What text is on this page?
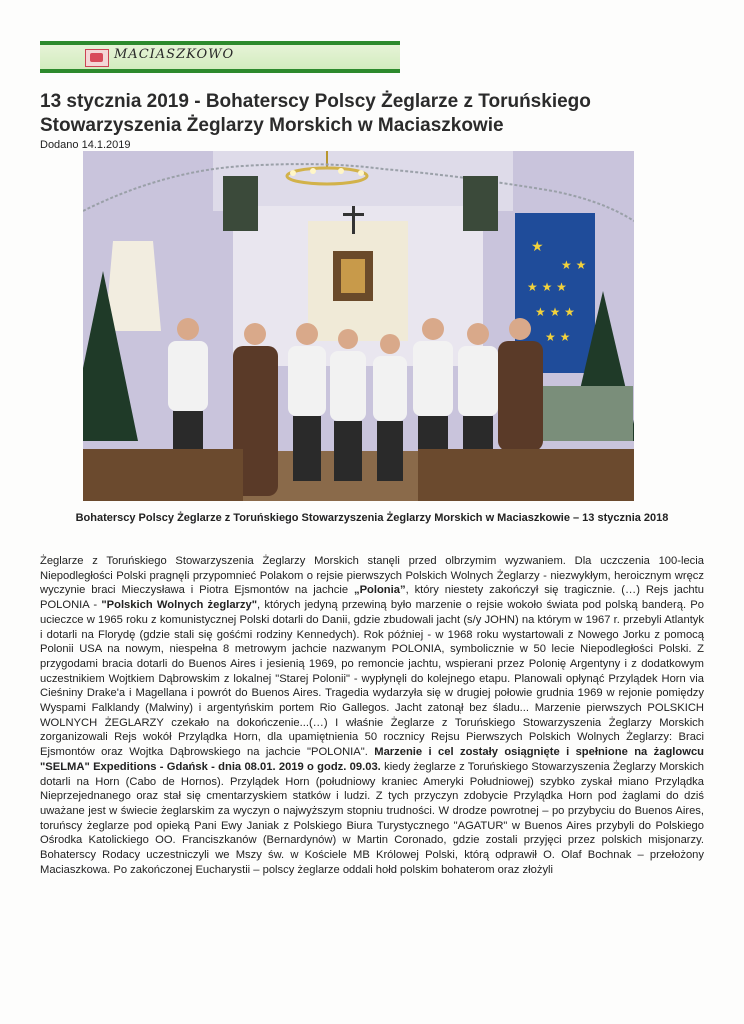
MACIASZKOWO
13 stycznia 2019 - Bohaterscy Polscy Żeglarze z Toruńskiego Stowarzyszenia Żeglarzy Morskich w Maciaszkowie
Dodano 14.1.2019
★
★ ★
★ ★ ★
★ ★ ★
★ ★
Bohaterscy Polscy Żeglarze z Toruńskiego Stowarzyszenia Żeglarzy Morskich w Maciaszkowie – 13 stycznia 2018

Żeglarze z Toruńskiego Stowarzyszenia Żeglarzy Morskich stanęli przed olbrzymim wyzwaniem. Dla uczczenia 100-lecia Niepodległości Polski pragnęli przypomnieć Polakom o rejsie pierwszych Polskich Wolnych Żeglarzy - niezwykłym, heroicznym wręcz wyczynie braci Mieczysława i Piotra Ejsmontów na jachcie „Polonia”, który niestety zakończył się tragicznie. (…) Rejs jachtu POLONIA - "Polskich Wolnych żeglarzy", których jedyną przewiną było marzenie o rejsie wokoło świata pod polską banderą. Po ucieczce w 1965 roku z komunistycznej Polski dotarli do Danii, gdzie zbudowali jacht (s/y JOHN) na którym w 1967 r. przebyli Atlantyk i dotarli na Florydę (gdzie stali się gośćmi rodziny Kennedych). Rok później - w 1968 roku wystartowali z Nowego Jorku z pomocą Polonii USA na nowym, niespełna 8 metrowym jachcie nazwanym POLONIA, symbolicznie w 50 lecie Niepodległości Polski. Z przygodami bracia dotarli do Buenos Aires i jesienią 1969, po remoncie jachtu, wspierani przez Polonię Argentyny i z dodatkowym uczestnikiem Wojtkiem Dąbrowskim z lokalnej "Starej Polonii" - wypłynęli do kolejnego etapu. Planowali opłynąć Przylądek Horn via Cieśniny Drake'a i Magellana i powrót do Buenos Aires. Tragedia wydarzyła się w drugiej połowie grudnia 1969 w rejonie pomiędzy Wyspami Falklandy (Malwiny) i argentyńskim portem Rio Gallegos. Jacht zatonął bez śladu... Marzenie pierwszych POLSKICH WOLNYCH ŻEGLARZY czekało na dokończenie...(…) I właśnie Żeglarze z Toruńskiego Stowarzyszenia Żeglarzy Morskich zorganizowali Rejs wokół Przylądka Horn, dla upamiętnienia 50 rocznicy Rejsu Pierwszych Polskich Wolnych Żeglarzy: Braci Ejsmontów oraz Wojtka Dąbrowskiego na jachcie "POLONIA". Marzenie i cel zostały osiągnięte i spełnione na żaglowcu "SELMA" Expeditions - Gdańsk - dnia 08.01. 2019 o godz. 09.03. kiedy żeglarze z Toruńskiego Stowarzyszenia Żeglarzy Morskich dotarli na Horn (Cabo de Hornos). Przylądek Horn (południowy kraniec Ameryki Południowej) szybko zyskał miano Przylądka Nieprzejednanego oraz stał się cmentarzyskiem statków i ludzi. Z tych przyczyn zdobycie Przylądka Horn pod żaglami do dziś uważane jest w świecie żeglarskim za wyczyn o najwyższym stopniu trudności. W drodze powrotnej – po przybyciu do Buenos Aires, toruńscy żeglarze pod opieką Pani Ewy Janiak z Polskiego Biura Turystycznego "AGATUR" w Buenos Aires przybyli do Polskiego Ośrodka Katolickiego OO. Franciszkanów (Bernardynów) w Martin Coronado, gdzie zostali przyjęci przez polskich misjonarzy. Bohaterscy Rodacy uczestniczyli we Mszy św. w Kościele MB Królowej Polski, którą odprawił O. Olaf Bochnak – przełożony Maciaszkowa. Po zakończonej Eucharystii – polscy żeglarze oddali hołd polskim bohaterom oraz złożyli
